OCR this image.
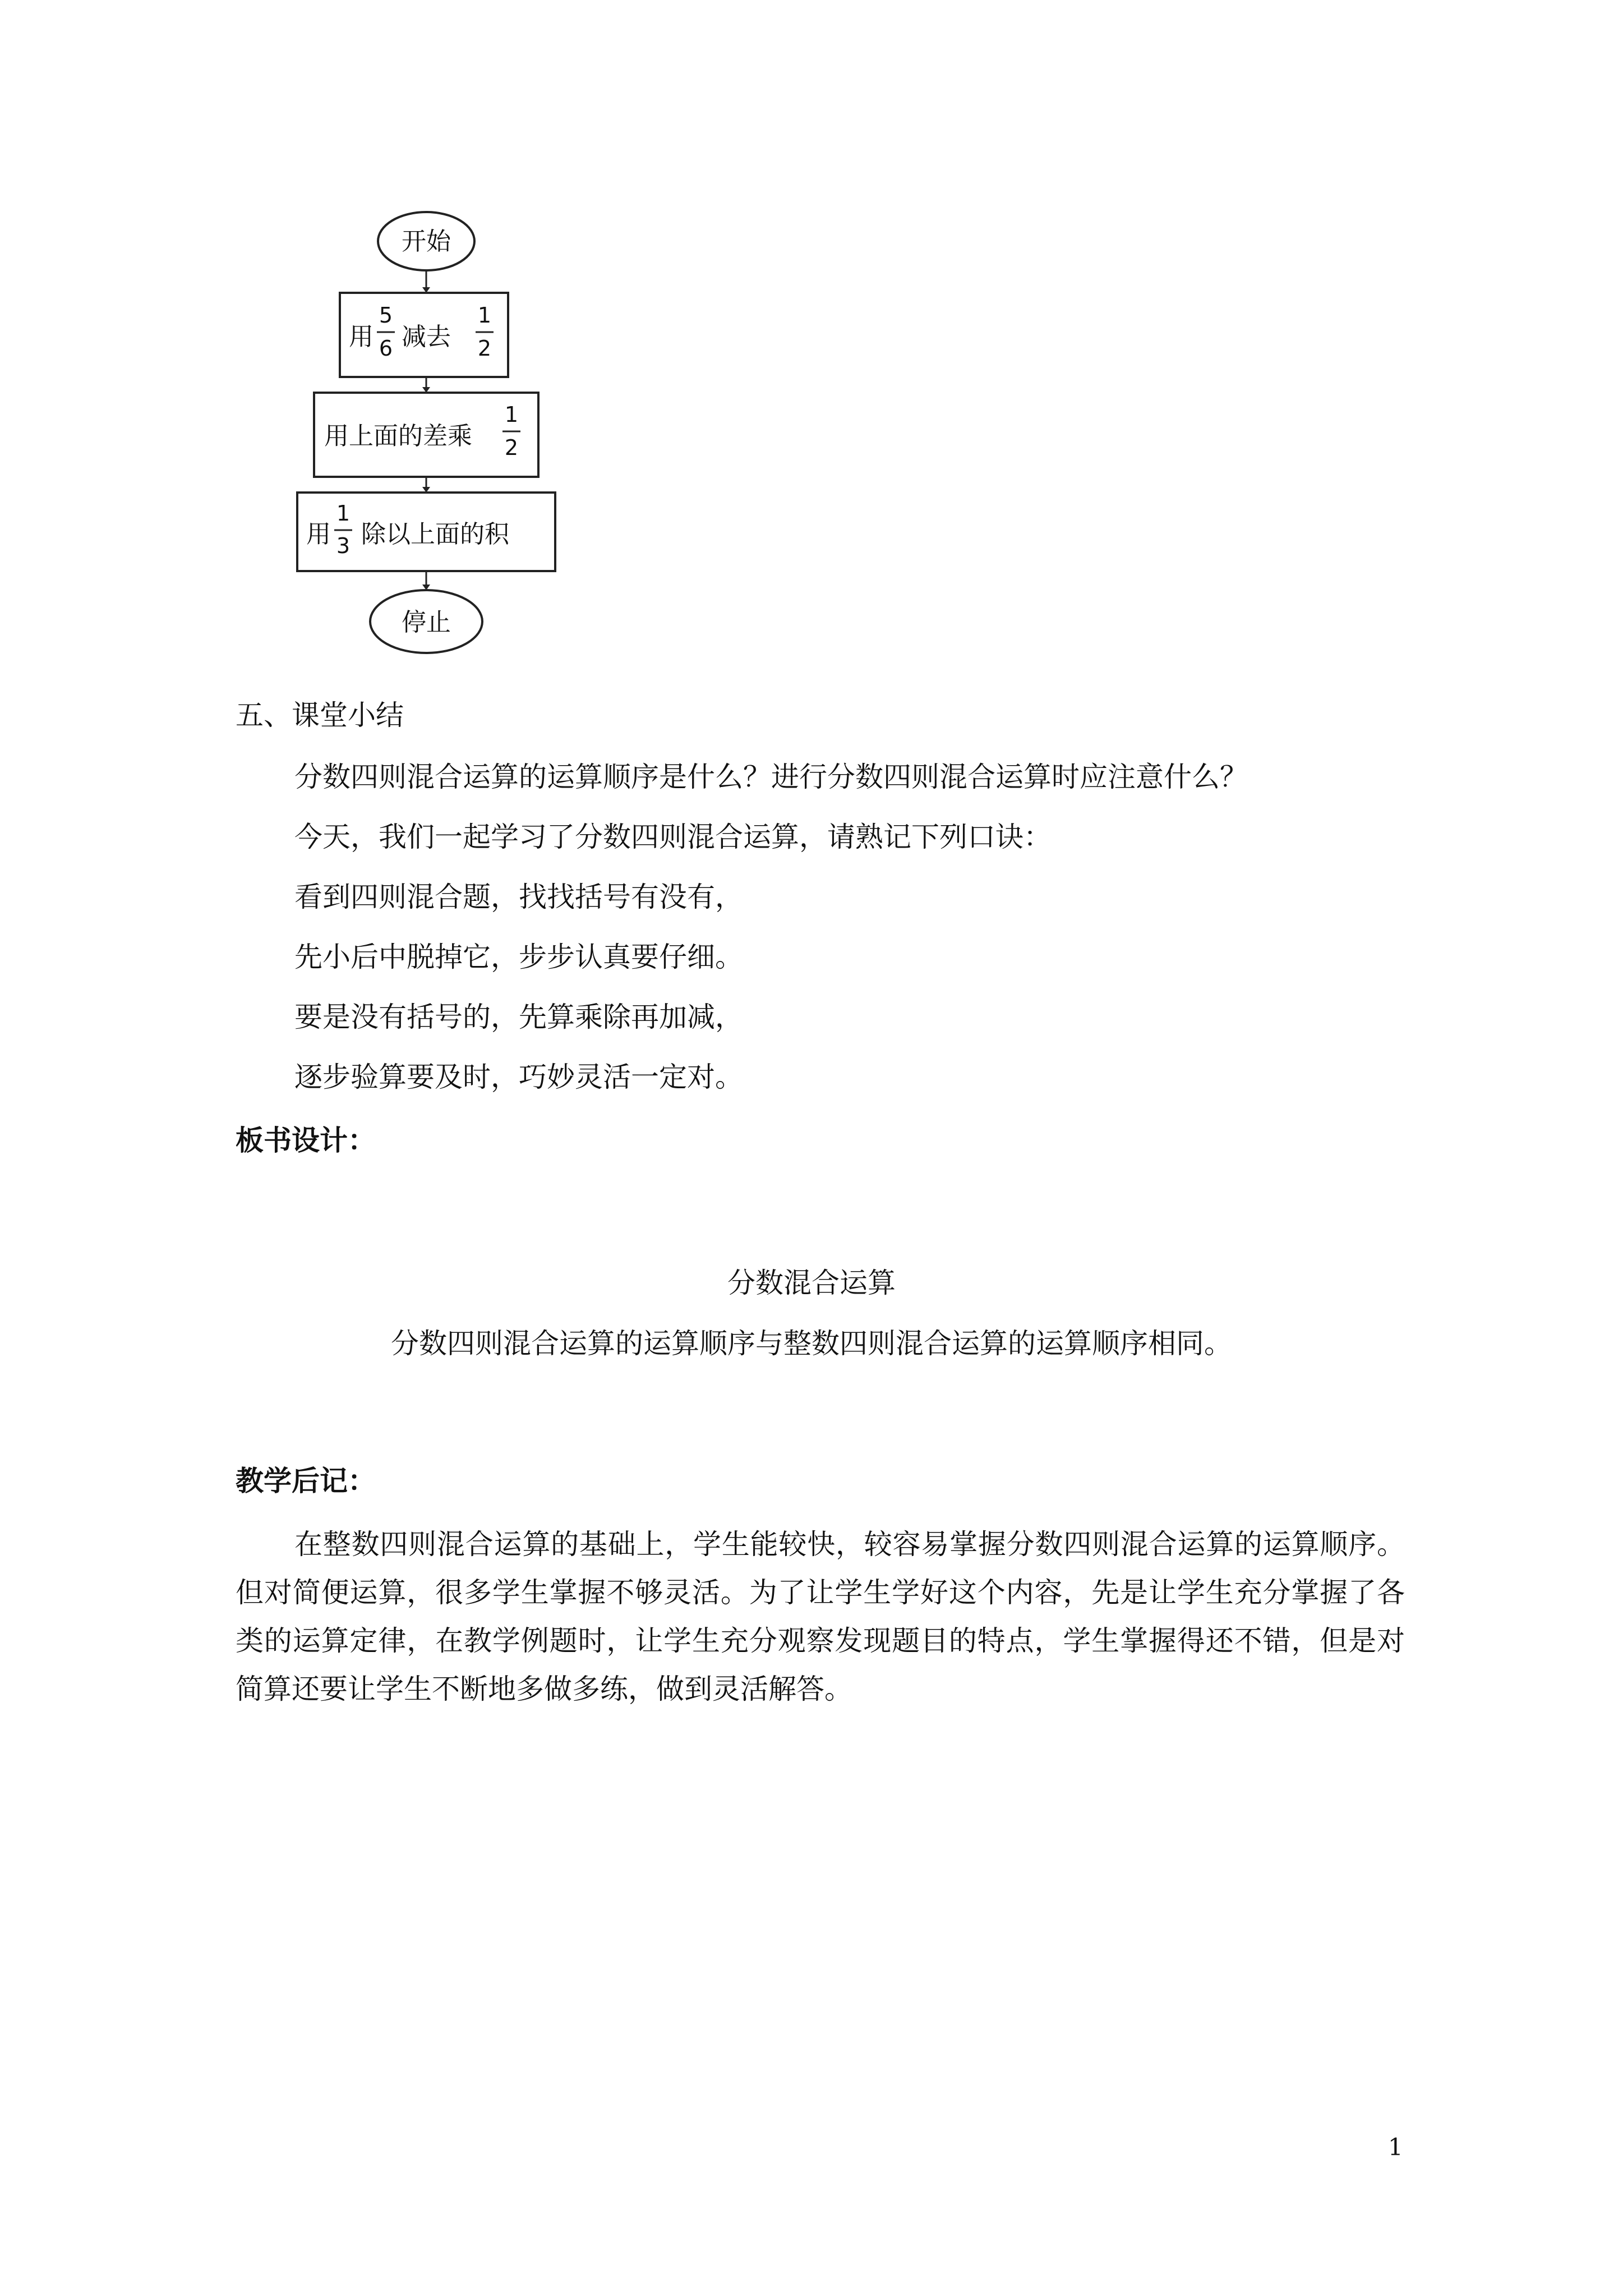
开始
用
5
6 减去
1
2
用上面的差乘
1
2
用
1
3 除以上面的积
停止
五、课堂小结
分数四则混合运算的运算顺序是什么？进行分数四则混合运算时应注意什么？
今天，我们一起学习了分数四则混合运算，请熟记下列口诀：
看到四则混合题，找找括号有没有，
先小后中脱掉它，步步认真要仔细。
要是没有括号的，先算乘除再加减，
逐步验算要及时，巧妙灵活一定对。
板书设计：
分数混合运算
分数四则混合运算的运算顺序与整数四则混合运算的运算顺序相同。
教学后记：
在整数四则混合运算的基础上，学生能较快，较容易掌握分数四则混合运算的运算顺序。但对简便运算，很多学生掌握不够灵活。为了让学生学好这个内容，先是让学生充分掌握了各类的运算定律，在教学例题时，让学生充分观察发现题目的特点，学生掌握得还不错，但是对简算还要让学生不断地多做多练，做到灵活解答。
1
